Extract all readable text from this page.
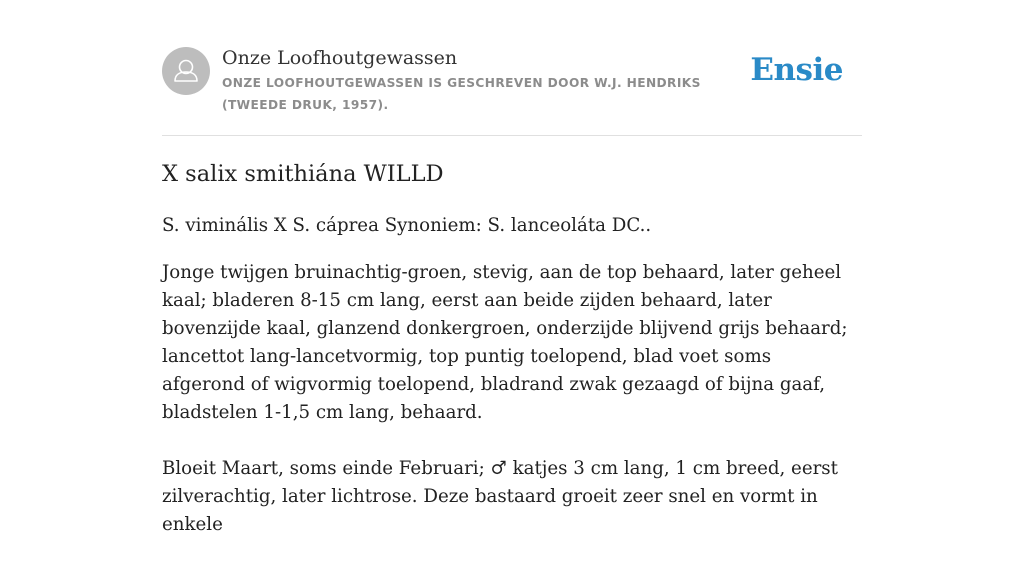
Onze Loofhoutgewassen
ONZE LOOFHOUTGEWASSEN IS GESCHREVEN DOOR W.J. HENDRIKS (TWEEDE DRUK, 1957).
Ensie
X salix smithiána WILLD

S. viminális X S. cáprea Synoniem: S. lanceoláta DC..

Jonge twijgen bruinachtig-groen, stevig, aan de top behaard, later geheel kaal; bladeren 8-15 cm lang, eerst aan beide zijden behaard, later bovenzijde kaal, glanzend donkergroen, onderzijde blijvend grijs behaard; lancettot lang-lancetvormig, top puntig toelopend, blad voet soms afgerond of wigvormig toelopend, bladrand zwak gezaagd of bijna gaaf, bladstelen 1-1,5 cm lang, behaard.

Bloeit Maart, soms einde Februari; ♂ katjes 3 cm lang, 1 cm breed, eerst zilverachtig, later lichtrose. Deze bastaard groeit zeer snel en vormt in enkele
